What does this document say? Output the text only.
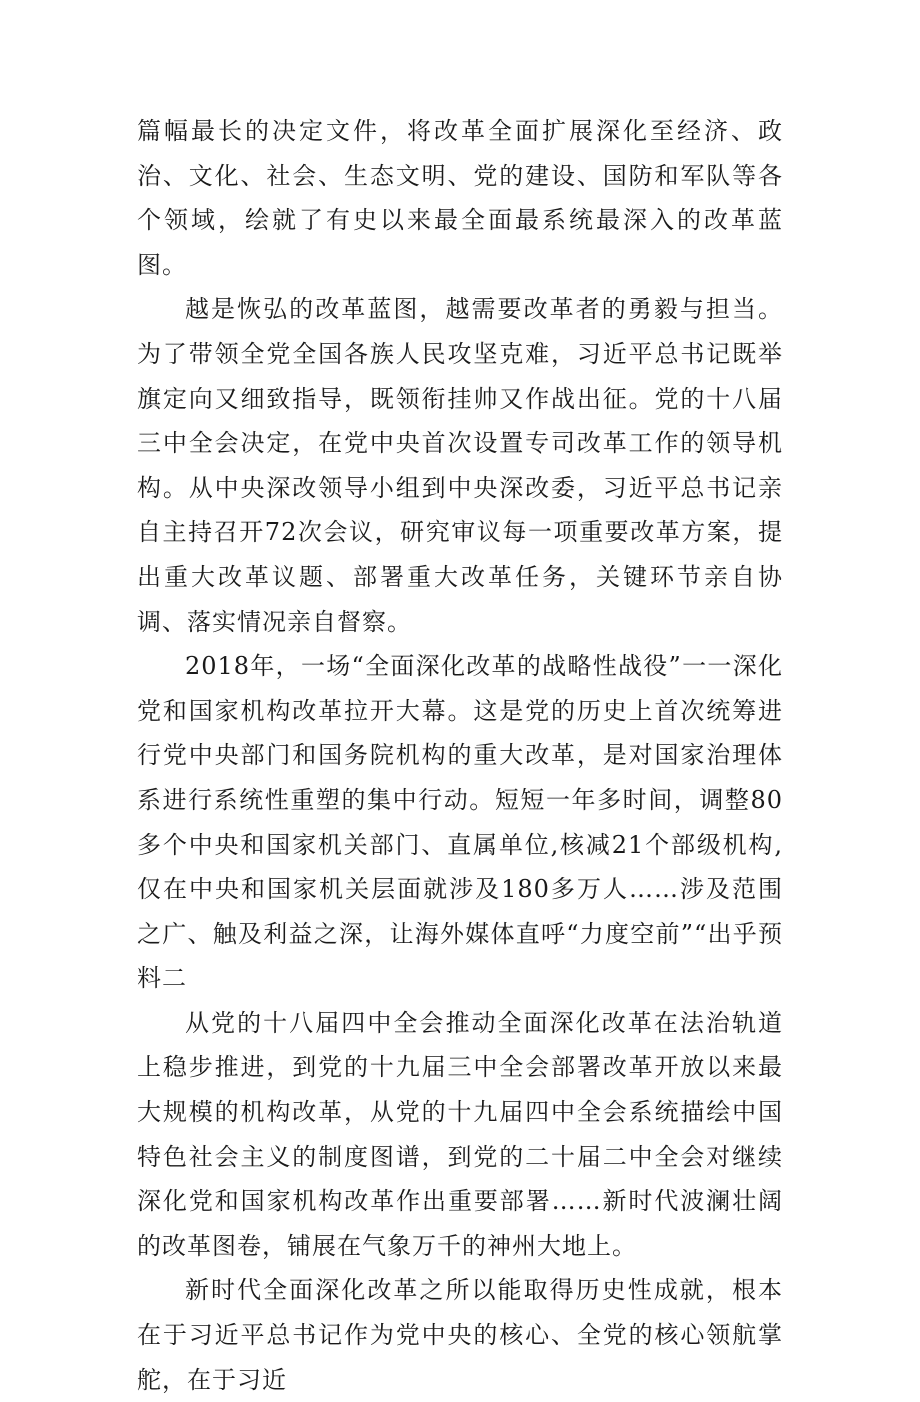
篇幅最长的决定文件，将改革全面扩展深化至经济、政治、文化、社会、生态文明、党的建设、国防和军队等各个领域，绘就了有史以来最全面最系统最深入的改革蓝图。

越是恢弘的改革蓝图，越需要改革者的勇毅与担当。为了带领全党全国各族人民攻坚克难，习近平总书记既举旗定向又细致指导，既领衔挂帅又作战出征。党的十八届三中全会决定，在党中央首次设置专司改革工作的领导机构。从中央深改领导小组到中央深改委，习近平总书记亲自主持召开72次会议，研究审议每一项重要改革方案，提出重大改革议题、部署重大改革任务，关键环节亲自协调、落实情况亲自督察。

2018年，一场“全面深化改革的战略性战役”一一深化党和国家机构改革拉开大幕。这是党的历史上首次统筹进行党中央部门和国务院机构的重大改革，是对国家治理体系进行系统性重塑的集中行动。短短一年多时间，调整80多个中央和国家机关部门、直属单位,核减21个部级机构,仅在中央和国家机关层面就涉及180多万人……涉及范围之广、触及利益之深，让海外媒体直呼“力度空前”“出乎预料二

从党的十八届四中全会推动全面深化改革在法治轨道上稳步推进，到党的十九届三中全会部署改革开放以来最大规模的机构改革，从党的十九届四中全会系统描绘中国特色社会主义的制度图谱，到党的二十届二中全会对继续深化党和国家机构改革作出重要部署……新时代波澜壮阔的改革图卷，铺展在气象万千的神州大地上。

新时代全面深化改革之所以能取得历史性成就，根本在于习近平总书记作为党中央的核心、全党的核心领航掌舵，在于习近
